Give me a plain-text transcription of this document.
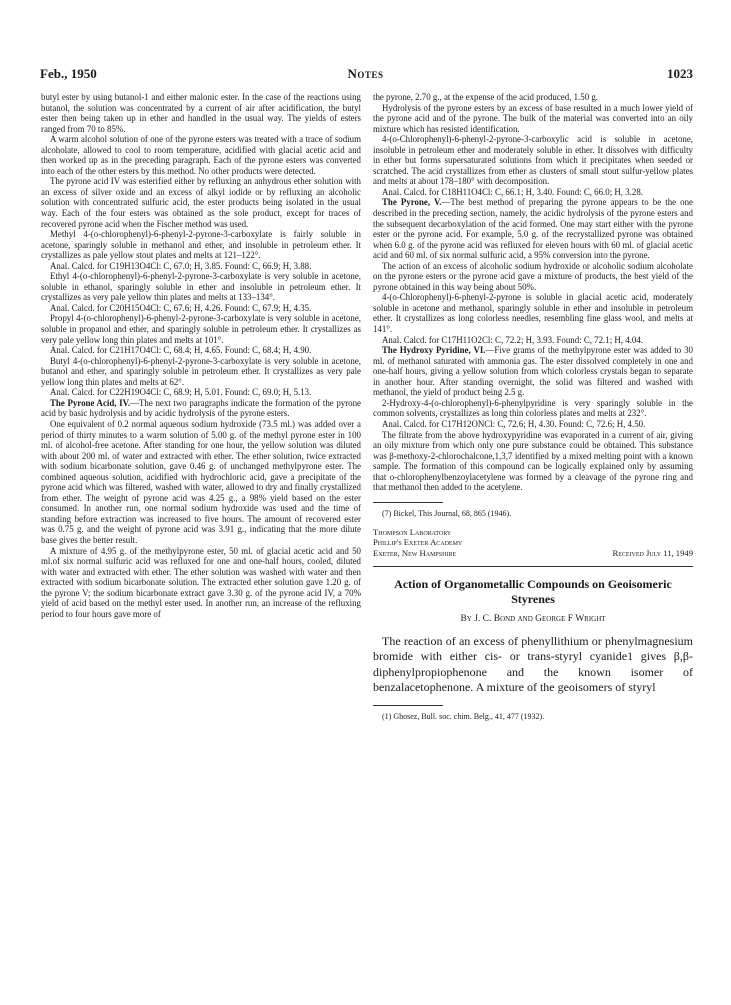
Feb., 1950	Notes	1023

butyl ester by using butanol-1 and either malonic ester. In the case of the reactions using butanol, the solution was concentrated by a current of air after acidification, the butyl ester then being taken up in ether and handled in the usual way. The yields of esters ranged from 70 to 85%.

A warm alcohol solution of one of the pyrone esters was treated with a trace of sodium alcoholate, allowed to cool to room temperature, acidified with glacial acetic acid and then worked up as in the preceding paragraph. Each of the pyrone esters was converted into each of the other esters by this method. No other products were detected.

The pyrone acid IV was esterified either by refluxing an anhydrous ether solution with an excess of silver oxide and an excess of alkyl iodide or by refluxing an alcoholic solution with concentrated sulfuric acid, the ester products being isolated in the usual way. Each of the four esters was obtained as the sole product, except for traces of recovered pyrone acid when the Fischer method was used.

Methyl 4-(o-chlorophenyl)-6-phenyl-2-pyrone-3-carboxylate is fairly soluble in acetone, sparingly soluble in methanol and ether, and insoluble in petroleum ether. It crystallizes as pale yellow stout plates and melts at 121–122°.

Anal. Calcd. for C19H13O4Cl: C, 67.0; H, 3.85. Found: C, 66.9; H, 3.88.

Ethyl 4-(o-chlorophenyl)-6-phenyl-2-pyrone-3-carboxylate is very soluble in acetone, soluble in ethanol, sparingly soluble in ether and insoluble in petroleum ether. It crystallizes as very pale yellow thin plates and melts at 133–134°.

Anal. Calcd. for C20H15O4Cl: C, 67.6; H, 4.26. Found: C, 67.9; H, 4.35.

Propyl 4-(o-chlorophenyl)-6-phenyl-2-pyrone-3-carboxylate is very soluble in acetone, soluble in propanol and ether, and sparingly soluble in petroleum ether. It crystallizes as very pale yellow long thin plates and melts at 101°.

Anal. Calcd. for C21H17O4Cl: C, 68.4; H, 4.65. Found: C, 68.4; H, 4.90.

Butyl 4-(o-chlorophenyl)-6-phenyl-2-pyrone-3-carboxylate is very soluble in acetone, butanol and ether, and sparingly soluble in petroleum ether. It crystallizes as very pale yellow long thin plates and melts at 62°.

Anal. Calcd. for C22H19O4Cl: C, 68.9; H, 5.01. Found: C, 69.0; H, 5.13.

The Pyrone Acid, IV.—The next two paragraphs indicate the formation of the pyrone acid by basic hydrolysis and by acidic hydrolysis of the pyrone esters.

One equivalent of 0.2 normal aqueous sodium hydroxide (73.5 ml.) was added over a period of thirty minutes to a warm solution of 5.00 g. of the methyl pyrone ester in 100 ml. of alcohol-free acetone. After standing for one hour, the yellow solution was diluted with about 200 ml. of water and extracted with ether. The ether solution, twice extracted with sodium bicarbonate solution, gave 0.46 g. of unchanged methylpyrone ester. The combined aqueous solution, acidified with hydrochloric acid, gave a precipitate of the pyrone acid which was filtered, washed with water, allowed to dry and finally crystallized from ether. The weight of pyrone acid was 4.25 g., a 98% yield based on the ester consumed. In another run, one normal sodium hydroxide was used and the time of standing before extraction was increased to five hours. The amount of recovered ester was 0.75 g. and the weight of pyrone acid was 3.91 g., indicating that the more dilute base gives the better result.

A mixture of 4.95 g. of the methylpyrone ester, 50 ml. of glacial acetic acid and 50 ml.of six normal sulfuric acid was refluxed for one and one-half hours, cooled, diluted with water and extracted with ether. The ether solution was washed with water and then extracted with sodium bicarbonate solution. The extracted ether solution gave 1.20 g. of the pyrone V; the sodium bicarbonate extract gave 3.30 g. of the pyrone acid IV, a 70% yield of acid based on the methyl ester used. In another run, an increase of the refluxing period to four hours gave more of

the pyrone, 2.70 g., at the expense of the acid produced, 1.50 g.

Hydrolysis of the pyrone esters by an excess of base resulted in a much lower yield of the pyrone acid and of the pyrone. The bulk of the material was converted into an oily mixture which has resisted identification.

4-(o-Chlorophenyl)-6-phenyl-2-pyrone-3-carboxylic acid is soluble in acetone, insoluble in petroleum ether and moderately soluble in ether. It dissolves with difficulty in ether but forms supersaturated solutions from which it precipitates when seeded or scratched. The acid crystallizes from ether as clusters of small stout sulfur-yellow plates and melts at about 178–180° with decomposition.

Anal. Calcd. for C18H11O4Cl: C, 66.1; H, 3.40. Found: C, 66.0; H, 3.28.

The Pyrone, V.—The best method of preparing the pyrone appears to be the one described in the preceding section, namely, the acidic hydrolysis of the pyrone esters and the subsequent decarboxylation of the acid formed. One may start either with the pyrone ester or the pyrone acid. For example, 5.0 g. of the recrystallized pyrone was obtained when 6.0 g. of the pyrone acid was refluxed for eleven hours with 60 ml. of glacial acetic acid and 60 ml. of six normal sulfuric acid, a 95% conversion into the pyrone.

The action of an excess of alcoholic sodium hydroxide or alcoholic sodium alcoholate on the pyrone esters or the pyrone acid gave a mixture of products, the best yield of the pyrone obtained in this way being about 50%.

4-(o-Chlorophenyl)-6-phenyl-2-pyrone is soluble in glacial acetic acid, moderately soluble in acetone and methanol, sparingly soluble in ether and insoluble in petroleum ether. It crystallizes as long colorless needles, resembling fine glass wool, and melts at 141°.

Anal. Calcd. for C17H11O2Cl: C, 72.2; H, 3.93. Found: C, 72.1; H, 4.04.

The Hydroxy Pyridine, VI.—Five grams of the methylpyrone ester was added to 30 ml. of methanol saturated with ammonia gas. The ester dissolved completely in one and one-half hours, giving a yellow solution from which colorless crystals began to separate in another hour. After standing overnight, the solid was filtered and washed with methanol, the yield of product being 2.5 g.

2-Hydroxy-4-(o-chlorophenyl)-6-phenylpyridine is very sparingly soluble in the common solvents, crystallizes as long thin colorless plates and melts at 232°.

Anal. Calcd. for C17H12ONCl: C, 72.6; H, 4.30. Found: C, 72.6; H, 4.50.

The filtrate from the above hydroxypyridine was evaporated in a current of air, giving an oily mixture from which only one pure substance could be obtained. This substance was β-methoxy-2-chlorochalcone,1,3,7 identified by a mixed melting point with a known sample. The formation of this compound can be logically explained only by assuming that o-chlorophenylbenzoylacetylene was formed by a cleavage of the pyrone ring and that methanol then added to the acetylene.

(7) Bickel, This Journal, 68, 865 (1946).

Thompson Laboratory
Phillip's Exeter Academy
Exeter, New Hampshire	Received July 11, 1949
Action of Organometallic Compounds on Geoisomeric Styrenes
By J. C. Bond and George F Wright

The reaction of an excess of phenyllithium or phenylmagnesium bromide with either cis- or trans-styryl cyanide1 gives β,β-diphenylpropiophenone and the known isomer of benzalacetophenone. A mixture of the geoisomers of styryl

(1) Ghosez, Bull. soc. chim. Belg., 41, 477 (1932).
